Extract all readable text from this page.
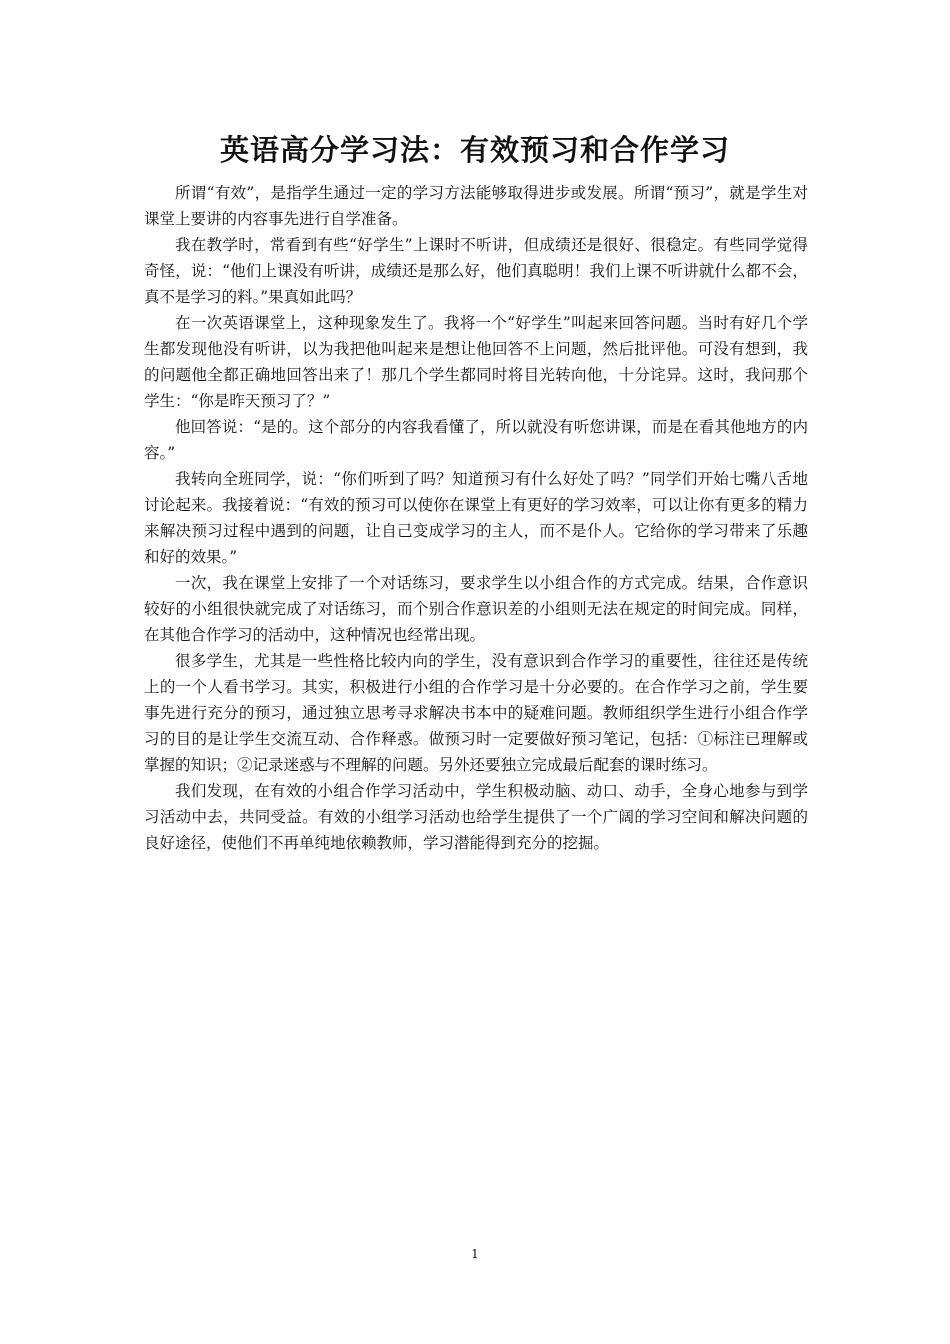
英语高分学习法：有效预习和合作学习

所谓“有效”，是指学生通过一定的学习方法能够取得进步或发展。所谓“预习”，就是学生对课堂上要讲的内容事先进行自学准备。

我在教学时，常看到有些“好学生”上课时不听讲，但成绩还是很好、很稳定。有些同学觉得奇怪，说：“他们上课没有听讲，成绩还是那么好，他们真聪明！我们上课不听讲就什么都不会，真不是学习的料。”果真如此吗？

在一次英语课堂上，这种现象发生了。我将一个“好学生”叫起来回答问题。当时有好几个学生都发现他没有听讲，以为我把他叫起来是想让他回答不上问题，然后批评他。可没有想到，我的问题他全都正确地回答出来了！那几个学生都同时将目光转向他，十分诧异。这时，我问那个学生：“你是昨天预习了？”

他回答说：“是的。这个部分的内容我看懂了，所以就没有听您讲课，而是在看其他地方的内容。”

我转向全班同学，说：“你们听到了吗？知道预习有什么好处了吗？”同学们开始七嘴八舌地讨论起来。我接着说：“有效的预习可以使你在课堂上有更好的学习效率，可以让你有更多的精力来解决预习过程中遇到的问题，让自己变成学习的主人，而不是仆人。它给你的学习带来了乐趣和好的效果。”

一次，我在课堂上安排了一个对话练习，要求学生以小组合作的方式完成。结果，合作意识较好的小组很快就完成了对话练习，而个别合作意识差的小组则无法在规定的时间完成。同样，在其他合作学习的活动中，这种情况也经常出现。

很多学生，尤其是一些性格比较内向的学生，没有意识到合作学习的重要性，往往还是传统上的一个人看书学习。其实，积极进行小组的合作学习是十分必要的。在合作学习之前，学生要事先进行充分的预习，通过独立思考寻求解决书本中的疑难问题。教师组织学生进行小组合作学习的目的是让学生交流互动、合作释惑。做预习时一定要做好预习笔记，包括：①标注已理解或掌握的知识；②记录迷惑与不理解的问题。另外还要独立完成最后配套的课时练习。

我们发现，在有效的小组合作学习活动中，学生积极动脑、动口、动手，全身心地参与到学习活动中去，共同受益。有效的小组学习活动也给学生提供了一个广阔的学习空间和解决问题的良好途径，使他们不再单纯地依赖教师，学习潜能得到充分的挖掘。

1
